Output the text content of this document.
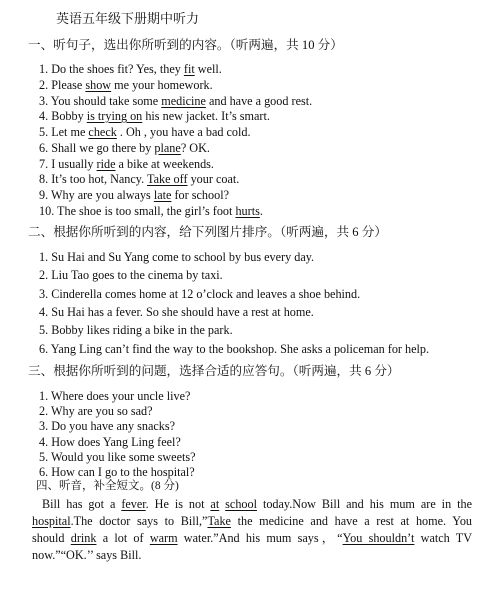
英语五年级下册期中听力
一、听句子，选出你所听到的内容。（听两遍，共 10 分）
1. Do the shoes fit? Yes, they fit well.
2. Please show me your homework.
3. You should take some medicine and have a good rest.
4. Bobby is trying on his new jacket. It’s smart.
5. Let me check . Oh , you have a bad cold.
6. Shall we go there by plane? OK.
7. I usually ride a bike at weekends.
8. It’s too hot, Nancy. Take off your coat.
9. Why are you always late for school?
10. The shoe is too small, the girl’s foot hurts.
二、根据你所听到的内容，给下列图片排序。（听两遍，共 6 分）
1. Su Hai and Su Yang come to school by bus every day.
2. Liu Tao goes to the cinema by taxi.
3. Cinderella comes home at 12 o’clock and leaves a shoe behind.
4. Su Hai has a fever. So she should have a rest at home.
5. Bobby likes riding a bike in the park.
6. Yang Ling can’t find the way to the bookshop. She asks a policeman for help.
三、根据你所听到的问题，选择合适的应答句。（听两遍，共 6 分）
1. Where does your uncle live?
2. Why are you so sad?
3. Do you have any snacks?
4. How does Yang Ling feel?
5. Would you like some sweets?
6. How can I go to the hospital?
四、听音，补全短文。(8 分)
Bill has got a fever. He is not at school today.Now Bill and his mum are in the
hospital.The doctor says to Bill,”Take the medicine and have a rest at home. You
should drink a lot of warm water.”And his mum says，“You shouldn’t watch TV
now.”“OK.’’ says Bill.
